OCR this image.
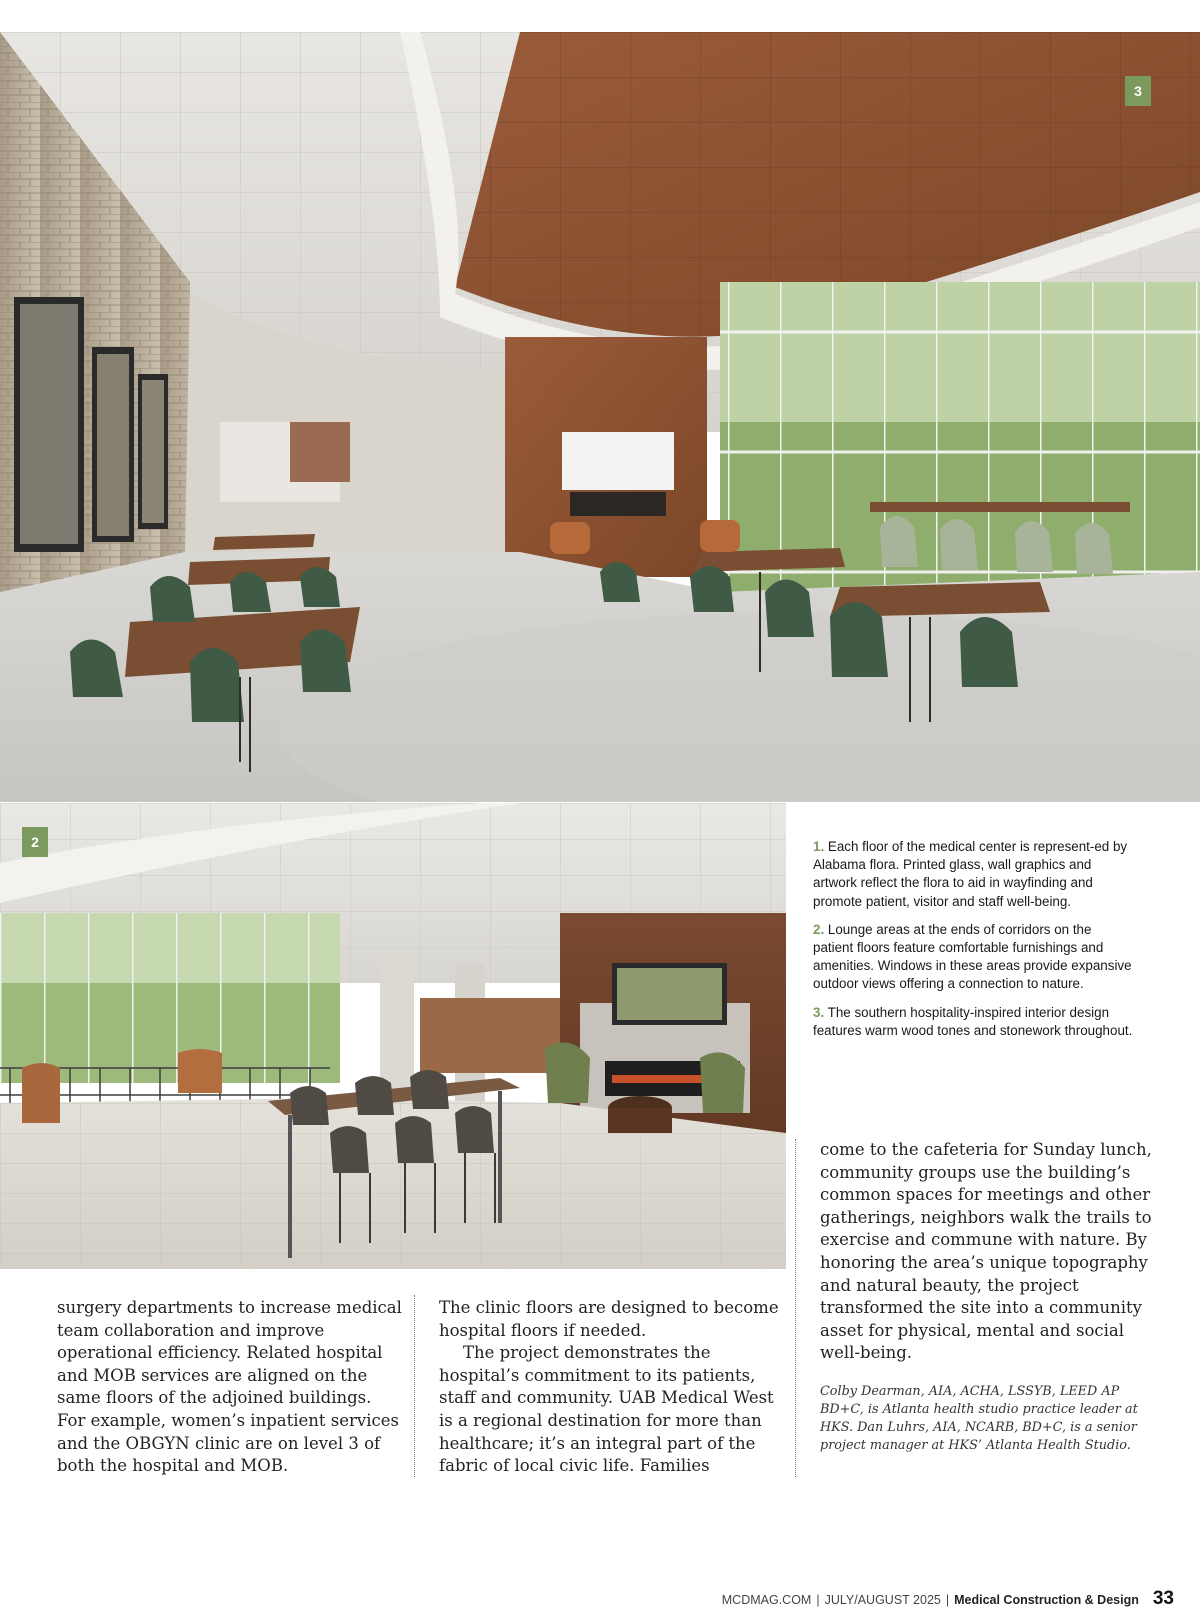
3
2	1. Each floor of the medical center is represent-ed by Alabama flora. Printed glass, wall graphics and artwork reflect the flora to aid in wayfinding and promote patient, visitor and staff well-being.

2. Lounge areas at the ends of corridors on the patient floors feature comfortable furnishings and amenities. Windows in these areas provide expansive outdoor views offering a connection to nature.

3. The southern hospitality-inspired interior design features warm wood tones and stonework throughout.

surgery departments to increase medical team collaboration and improve operational efficiency. Related hospital and MOB services are aligned on the same floors of the adjoined buildings. For example, women’s inpatient services and the OBGYN clinic are on level 3 of both the hospital and MOB.

The clinic floors are designed to become hospital floors if needed.

The project demonstrates the hospital’s commitment to its patients, staff and community. UAB Medical West is a regional destination for more than healthcare; it’s an integral part of the fabric of local civic life. Families

come to the cafeteria for Sunday lunch, community groups use the building’s common spaces for meetings and other gatherings, neighbors walk the trails to exercise and commune with nature. By honoring the area’s unique topography and natural beauty, the project transformed the site into a community asset for physical, mental and social well-being.

Colby Dearman, AIA, ACHA, LSSYB, LEED AP BD+C, is Atlanta health studio practice leader at HKS. Dan Luhrs, AIA, NCARB, BD+C, is a senior project manager at HKS’ Atlanta Health Studio.

MCDMAG.COM | JULY/AUGUST 2025 | Medical Construction & Design 33
